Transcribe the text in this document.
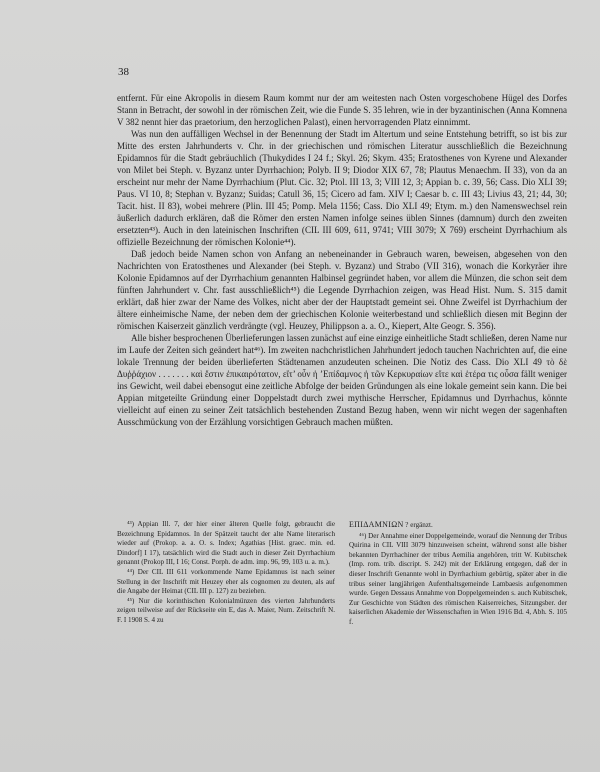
38

entfernt. Für eine Akropolis in diesem Raum kommt nur der am weitesten nach Osten vorgeschobene Hügel des Dorfes Stann in Betracht, der sowohl in der römischen Zeit, wie die Funde S. 35 lehren, wie in der byzantinischen (Anna Komnena V 382 nennt hier das praetorium, den herzoglichen Palast), einen hervorragenden Platz einnimmt.

Was nun den auffälligen Wechsel in der Benennung der Stadt im Altertum und seine Entstehung betrifft, so ist bis zur Mitte des ersten Jahrhunderts v. Chr. in der griechischen und römischen Literatur ausschließlich die Bezeichnung Epidamnos für die Stadt gebräuchlich (Thukydides I 24 f.; Skyl. 26; Skym. 435; Eratosthenes von Kyrene und Alexander von Milet bei Steph. v. Byzanz unter Dyrrhachion; Polyb. II 9; Diodor XIX 67, 78; Plautus Menaechm. II 33), von da an erscheint nur mehr der Name Dyrrhachium (Plut. Cic. 32; Ptol. III 13, 3; VIII 12, 3; Appian b. c. 39, 56; Cass. Dio XLI 39; Paus. VI 10, 8; Stephan v. Byzanz; Suidas; Catull 36, 15; Cicero ad fam. XIV I; Caesar b. c. III 43; Livius 43, 21; 44, 30; Tacit. hist. II 83), wobei mehrere (Plin. III 45; Pomp. Mela 1156; Cass. Dio XLI 49; Etym. m.) den Namenswechsel rein äußerlich dadurch erklären, daß die Römer den ersten Namen infolge seines üblen Sinnes (damnum) durch den zweiten ersetzten⁴³). Auch in den lateinischen Inschriften (CIL III 609, 611, 9741; VIII 3079; X 769) erscheint Dyrrhachium als offizielle Bezeichnung der römischen Kolonie⁴⁴).

Daß jedoch beide Namen schon von Anfang an nebeneinander in Gebrauch waren, beweisen, abgesehen von den Nachrichten von Eratosthenes und Alexander (bei Steph. v. Byzanz) und Strabo (VII 316), wonach die Korkyräer ihre Kolonie Epidamnos auf der Dyrrhachium genannten Halbinsel gegründet haben, vor allem die Münzen, die schon seit dem fünften Jahrhundert v. Chr. fast ausschließlich⁴⁵) die Legende Dyrrhachion zeigen, was Head Hist. Num. S. 315 damit erklärt, daß hier zwar der Name des Volkes, nicht aber der der Hauptstadt gemeint sei. Ohne Zweifel ist Dyrrhachium der ältere einheimische Name, der neben dem der griechischen Kolonie weiterbestand und schließlich diesen mit Beginn der römischen Kaiserzeit gänzlich verdrängte (vgl. Heuzey, Philippson a. a. O., Kiepert, Alte Geogr. S. 356).

Alle bisher besprochenen Überlieferungen lassen zunächst auf eine einzige einheitliche Stadt schließen, deren Name nur im Laufe der Zeiten sich geändert hat⁴⁶). Im zweiten nachchristlichen Jahrhundert jedoch tauchen Nachrichten auf, die eine lokale Trennung der beiden überlieferten Städtenamen anzudeuten scheinen. Die Notiz des Cass. Dio XLI 49 τὸ δὲ Δυῤῥάχιον . . . . . . . καὶ ἔστιν ἐπικαιρότατον, εἴτ’ οὖν ἡ ’Επίδαμνος ἡ τῶν Κερκυραίων εἴτε καὶ ἑτέρα τις οὖσα fällt weniger ins Gewicht, weil dabei ebensogut eine zeitliche Abfolge der beiden Gründungen als eine lokale gemeint sein kann. Die bei Appian mitgeteilte Gründung einer Doppelstadt durch zwei mythische Herrscher, Epidamnus und Dyrrhachus, könnte vielleicht auf einen zu seiner Zeit tatsächlich bestehenden Zustand Bezug haben, wenn wir nicht wegen der sagenhaften Ausschmückung von der Erzählung vorsichtigen Gebrauch machen müßten.

⁴³) Appian Ill. 7, der hier einer älteren Quelle folgt, gebraucht die Bezeichnung Epidamnos. In der Spätzeit taucht der alte Name literarisch wieder auf (Prokop. a. a. O. s. Index; Agathias [Hist. graec. min. ed. Dindorf] I 17), tatsächlich wird die Stadt auch in dieser Zeit Dyrrhachium genannt (Prokop III, I 16; Const. Porph. de adm. imp. 96, 99, 103 u. a. m.).

⁴⁴) Der CIL III 611 vorkommende Name Epidamnus ist nach seiner Stellung in der Inschrift mit Heuzey eher als cognomen zu deuten, als auf die Angabe der Heimat (CIL III p. 127) zu beziehen.

⁴⁵) Nur die korinthischen Kolonialmünzen des vierten Jahrhunderts zeigen teilweise auf der Rückseite ein E, das A. Maier, Num. Zeitschrift N. F. I 1908 S. 4 zu

ΕΠΙΔΑΜΝΙΩΝ ? ergänzt.

⁴⁶) Der Annahme einer Doppelgemeinde, worauf die Nennung der Tribus Quirina in CIL VIII 3079 hinzuweisen scheint, während sonst alle bisher bekannten Dyrrhachiner der tribus Aemilia angehören, tritt W. Kubitschek (Imp. rom. trib. discript. S. 242) mit der Erklärung entgegen, daß der in dieser Inschrift Genannte wohl in Dyrrhachium gebürtig, später aber in die tribus seiner langjährigen Aufenthaltsgemeinde Lambaesis aufgenommen wurde. Gegen Dessaus Annahme von Doppelgemeinden s. auch Kubitschek, Zur Geschichte von Städten des römischen Kaiserreiches, Sitzungsber. der kaiserlichen Akademie der Wissenschaften in Wien 1916 Bd. 4, Abh. S. 105 f.
